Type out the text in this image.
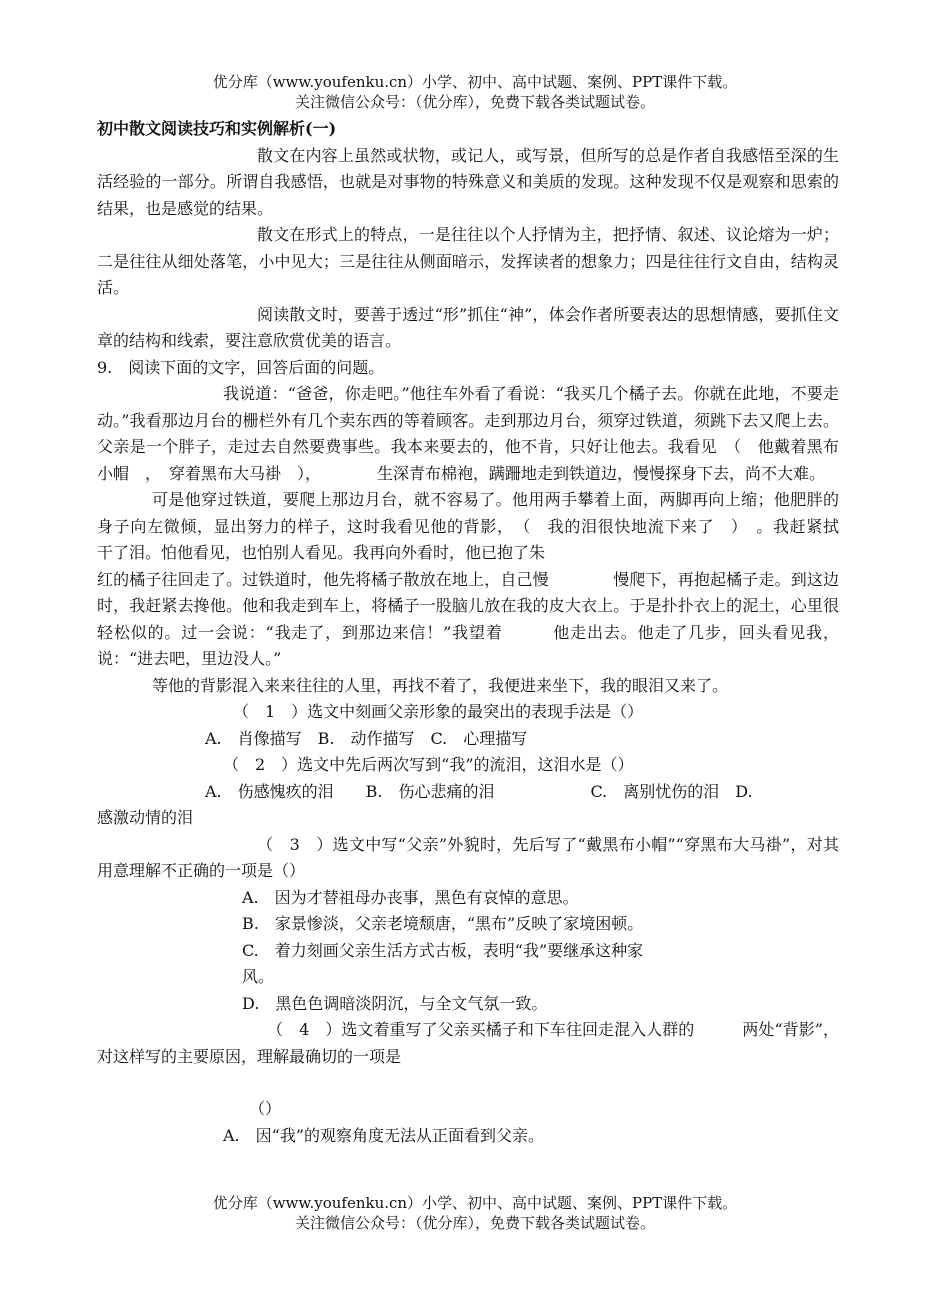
优分库（www.youfenku.cn）小学、初中、高中试题、案例、PPT课件下载。
关注微信公众号：（优分库），免费下载各类试题试卷。

初中散文阅读技巧和实例解析(一)

散文在内容上虽然或状物，或记人，或写景，但所写的总是作者自我感悟至深的生活经验的一部分。所谓自我感悟，也就是对事物的特殊意义和美质的发现。这种发现不仅是观察和思索的结果，也是感觉的结果。

散文在形式上的特点，一是往往以个人抒情为主，把抒情、叙述、议论熔为一炉；二是往往从细处落笔，小中见大；三是往往从侧面暗示，发挥读者的想象力；四是往往行文自由，结构灵活。

阅读散文时，要善于透过“形”抓住“神”，体会作者所要表达的思想情感，要抓住文章的结构和线索，要注意欣赏优美的语言。

9.　阅读下面的文字，回答后面的问题。

我说道：“爸爸，你走吧。”他往车外看了看说：“我买几个橘子去。你就在此地，不要走动。”我看那边月台的栅栏外有几个卖东西的等着顾客。走到那边月台，须穿过铁道，须跳下去又爬上去。父亲是一个胖子，走过去自然要费事些。我本来要去的，他不肯，只好让他去。我看见　（　他戴着黑布小帽　，　穿着黑布大马褂　），　　　　生深青布棉袍，蹒跚地走到铁道边，慢慢探身下去，尚不大难。

可是他穿过铁道，要爬上那边月台，就不容易了。他用两手攀着上面，两脚再向上缩；他肥胖的身子向左微倾，显出努力的样子，这时我看见他的背影，　（　我的泪很快地流下来了　）　。我赶紧拭　　　　干了泪。怕他看见，也怕别人看见。我再向外看时，他已抱了朱

红的橘子往回走了。过铁道时，他先将橘子散放在地上，自己慢　　　　慢爬下，再抱起橘子走。到这边时，我赶紧去搀他。他和我走到车上，将橘子一股脑儿放在我的皮大衣上。于是扑扑衣上的泥土，心里很轻松似的。过一会说：“我走了，到那边来信！”我望着　　　他走出去。他走了几步，回头看见我，说：“进去吧，里边没人。”

等他的背影混入来来往往的人里，再找不着了，我便进来坐下，我的眼泪又来了。

（　1　）选文中刻画父亲形象的最突出的表现手法是（）

A.　肖像描写　B.　动作描写　C.　心理描写

（　2　）选文中先后两次写到“我”的流泪，这泪水是（）

A.　伤感愧疚的泪　　B.　伤心悲痛的泪　　　　　　C.　离别忧伤的泪　D.

感激动情的泪

（　3　）选文中写“父亲”外貌时，先后写了“戴黑布小帽”“穿黑布大马褂”，对其用意理解不正确的一项是（）

A.　因为才替祖母办丧事，黑色有哀悼的意思。

B.　家景惨淡，父亲老境颓唐，“黑布”反映了家境困顿。

C.　着力刻画父亲生活方式古板，表明“我”要继承这种家

风。

D.　黑色色调暗淡阴沉，与全文气氛一致。

（　4　）选文着重写了父亲买橘子和下车往回走混入人群的　　　两处“背影”，对这样写的主要原因，理解最确切的一项是

（）

A.　因“我”的观察角度无法从正面看到父亲。

优分库（www.youfenku.cn）小学、初中、高中试题、案例、PPT课件下载。
关注微信公众号：（优分库），免费下载各类试题试卷。
